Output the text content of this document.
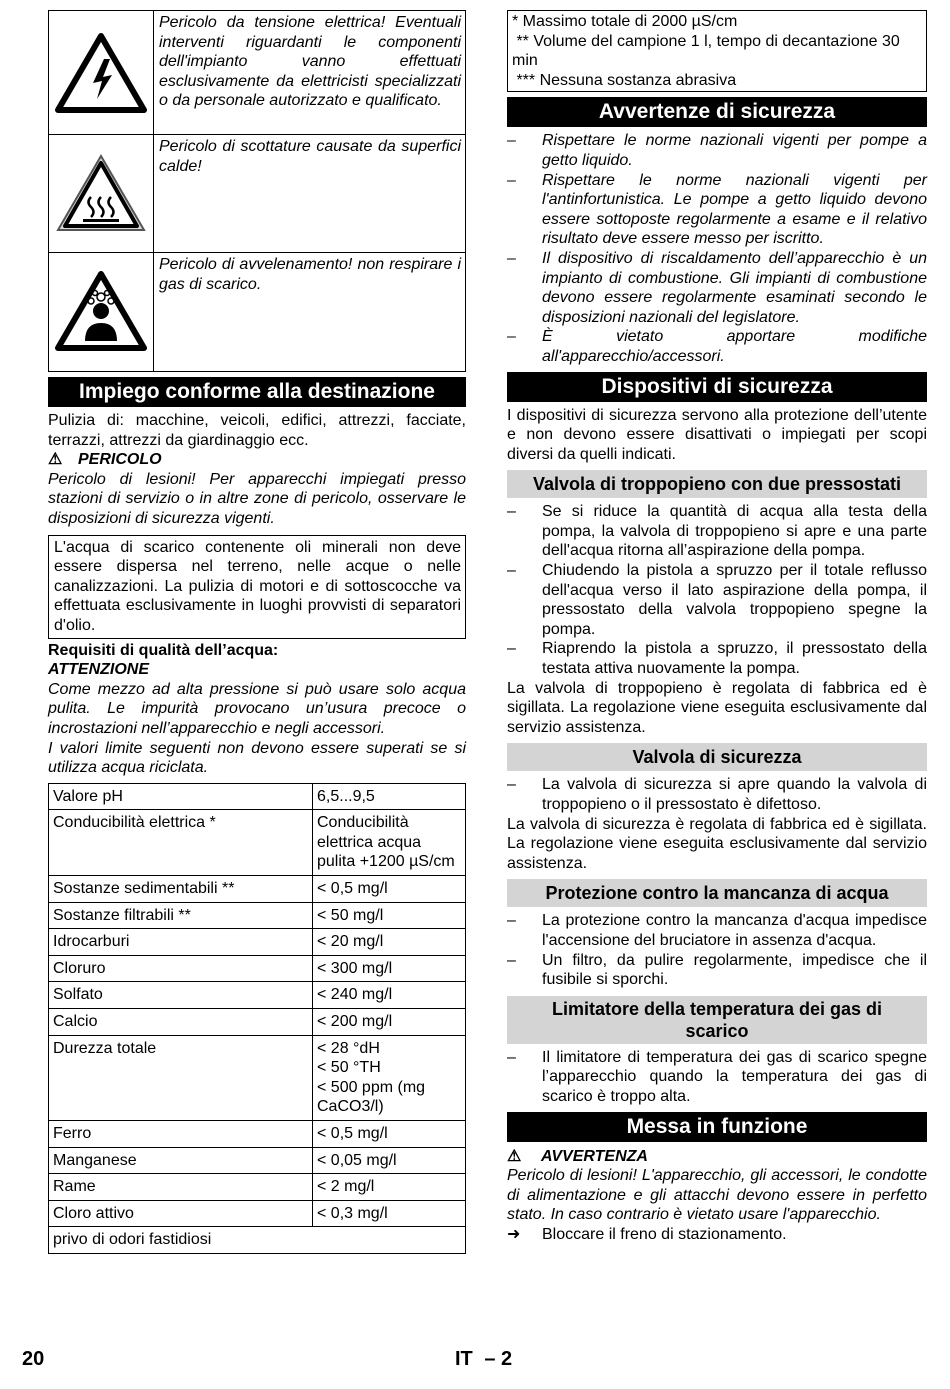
Pericolo da tensione elettrica! Eventuali interventi riguardanti le componenti dell'impianto vanno effettuati esclusivamente da elettricisti specializzati o da personale autorizzato e qualificato.
Pericolo di scottature causate da superfici calde!
Pericolo di avvelenamento! non respirare i gas di scarico.
Impiego conforme alla destinazione

Pulizia di: macchine, veicoli, edifici, attrezzi, facciate, terrazzi, attrezzi da giardinaggio ecc.

⚠ PERICOLO

Pericolo di lesioni! Per apparecchi impiegati presso stazioni di servizio o in altre zone di pericolo, osservare le disposizioni di sicurezza vigenti.

L'acqua di scarico contenente oli minerali non deve essere dispersa nel terreno, nelle acque o nelle canalizzazioni. La pulizia di motori e di sottoscocche va effettuata esclusivamente in luoghi provvisti di separatori d'olio.

Requisiti di qualità dell’acqua:

ATTENZIONE

Come mezzo ad alta pressione si può usare solo acqua pulita. Le impurità provocano un’usura precoce o incrostazioni nell’apparecchio e negli accessori.

I valori limite seguenti non devono essere superati se si utilizza acqua riciclata.

Valore pH	6,5...9,5
Conducibilità elettrica *	Conducibilità elettrica acqua pulita +1200 µS/cm
Sostanze sedimentabili **	< 0,5 mg/l
Sostanze filtrabili **	< 50 mg/l
Idrocarburi	< 20 mg/l
Cloruro	< 300 mg/l
Solfato	< 240 mg/l
Calcio	< 200 mg/l
Durezza totale	< 28 °dH
< 50 °TH
< 500 ppm (mg CaCO3/l)
Ferro	< 0,5 mg/l
Manganese	< 0,05 mg/l
Rame	< 2 mg/l
Cloro attivo	< 0,3 mg/l
privo di odori fastidiosi	

* Massimo totale di 2000 µS/cm

** Volume del campione 1 l, tempo di decantazione 30 min

*** Nessuna sostanza abrasiva

Avvertenze di sicurezza
–	Rispettare le norme nazionali vigenti per pompe a getto liquido.
–	Rispettare le norme nazionali vigenti per l'antinfortunistica. Le pompe a getto liquido devono essere sottoposte regolarmente a esame e il relativo risultato deve essere messo per iscritto.
–	Il dispositivo di riscaldamento dell’apparecchio è un impianto di combustione. Gli impianti di combustione devono essere regolarmente esaminati secondo le disposizioni nazionali del legislatore.
–	È vietato apportare modifiche all'apparecchio/accessori.
Dispositivi di sicurezza

I dispositivi di sicurezza servono alla protezione dell’utente e non devono essere disattivati o impiegati per scopi diversi da quelli indicati.

Valvola di troppopieno con due pressostati
–	Se si riduce la quantità di acqua alla testa della pompa, la valvola di troppopieno si apre e una parte dell'acqua ritorna all’aspirazione della pompa.
–	Chiudendo la pistola a spruzzo per il totale reflusso dell'acqua verso il lato aspirazione della pompa, il pressostato della valvola troppopieno spegne la pompa.
–	Riaprendo la pistola a spruzzo, il pressostato della testata attiva nuovamente la pompa.

La valvola di troppopieno è regolata di fabbrica ed è sigillata. La regolazione viene eseguita esclusivamente dal servizio assistenza.

Valvola di sicurezza
–	La valvola di sicurezza si apre quando la valvola di troppopieno o il pressostato è difettoso.

La valvola di sicurezza è regolata di fabbrica ed è sigillata. La regolazione viene eseguita esclusivamente dal servizio assistenza.

Protezione contro la mancanza di acqua
–	La protezione contro la mancanza d'acqua impedisce l'accensione del bruciatore in assenza d'acqua.
–	Un filtro, da pulire regolarmente, impedisce che il fusibile si sporchi.
Limitatore della temperatura dei gas di scarico
–	Il limitatore di temperatura dei gas di scarico spegne l’apparecchio quando la temperatura dei gas di scarico è troppo alta.
Messa in funzione

⚠ AVVERTENZA

Pericolo di lesioni! L'apparecchio, gli accessori, le condotte di alimentazione e gli attacchi devono essere in perfetto stato. In caso contrario è vietato usare l'apparecchio.

➜	Bloccare il freno di stazionamento.
20	IT – 2
